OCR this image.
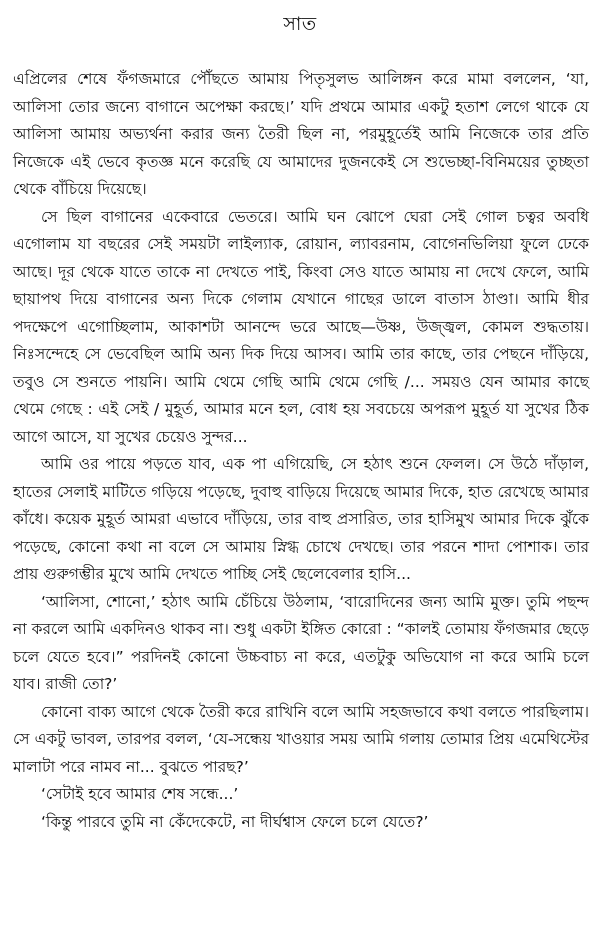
সাত

এপ্রিলের শেষে ফঁগজমারে পৌঁছতে আমায় পিতৃসুলভ আলিঙ্গন করে মামা বললেন, ‘যা, আলিসা তোর জন্যে বাগানে অপেক্ষা করছে।’ যদি প্রথমে আমার একটু হতাশ লেগে থাকে যে আলিসা আমায় অভ্যর্থনা করার জন্য তৈরী ছিল না, পরমুহূর্তেই আমি নিজেকে তার প্রতি নিজেকে এই ভেবে কৃতজ্ঞ মনে করেছি যে আমাদের দুজনকেই সে শুভেচ্ছা-বিনিময়ের তুচ্ছতা থেকে বাঁচিয়ে দিয়েছে।

সে ছিল বাগানের একেবারে ভেতরে। আমি ঘন ঝোপে ঘেরা সেই গোল চত্বর অবধি এগোলাম যা বছরের সেই সময়টা লাইল্যাক, রোয়ান, ল্যাবরনাম, বোগেনভিলিয়া ফুলে ঢেকে আছে। দূর থেকে যাতে তাকে না দেখতে পাই, কিংবা সেও যাতে আমায় না দেখে ফেলে, আমি ছায়াপথ দিয়ে বাগানের অন্য দিকে গেলাম যেখানে গাছের ডালে বাতাস ঠাণ্ডা। আমি ধীর পদক্ষেপে এগোচ্ছিলাম, আকাশটা আনন্দে ভরে আছে—উষ্ণ, উজ্জ্বল, কোমল শুদ্ধতায়। নিঃসন্দেহে সে ভেবেছিল আমি অন্য দিক দিয়ে আসব। আমি তার কাছে, তার পেছনে দাঁড়িয়ে, তবুও সে শুনতে পায়নি। আমি থেমে গেছি আমি থেমে গেছি /... সময়ও যেন আমার কাছে থেমে গেছে : এই সেই / মুহূর্ত, আমার মনে হল, বোধ হয় সবচেয়ে অপরূপ মুহূর্ত যা সুখের ঠিক আগে আসে, যা সুখের চেয়েও সুন্দর...

আমি ওর পায়ে পড়তে যাব, এক পা এগিয়েছি, সে হঠাৎ শুনে ফেলল। সে উঠে দাঁড়াল, হাতের সেলাই মাটিতে গড়িয়ে পড়েছে, দুবাহু বাড়িয়ে দিয়েছে আমার দিকে, হাত রেখেছে আমার কাঁধে। কয়েক মুহূর্ত আমরা এভাবে দাঁড়িয়ে, তার বাহু প্রসারিত, তার হাসিমুখ আমার দিকে ঝুঁকে পড়েছে, কোনো কথা না বলে সে আমায় স্নিগ্ধ চোখে দেখছে। তার পরনে শাদা পোশাক। তার প্রায় গুরুগম্ভীর মুখে আমি দেখতে পাচ্ছি সেই ছেলেবেলার হাসি...

‘আলিসা, শোনো,’ হঠাৎ আমি চেঁচিয়ে উঠলাম, ‘বারোদিনের জন্য আমি মুক্ত। তুমি পছন্দ না করলে আমি একদিনও থাকব না। শুধু একটা ইঙ্গিত কোরো : “কালই তোমায় ফঁগজমার ছেড়ে চলে যেতে হবে।” পরদিনই কোনো উচ্চবাচ্য না করে, এতটুকু অভিযোগ না করে আমি চলে যাব। রাজী তো?’

কোনো বাক্য আগে থেকে তৈরী করে রাখিনি বলে আমি সহজভাবে কথা বলতে পারছিলাম। সে একটু ভাবল, তারপর বলল, ‘যে-সন্ধেয় খাওয়ার সময় আমি গলায় তোমার প্রিয় এমেথিস্টের মালাটা পরে নামব না... বুঝতে পারছ?’

‘সেটাই হবে আমার শেষ সন্ধে...’

‘কিন্তু পারবে তুমি না কেঁদেকেটে, না দীর্ঘশ্বাস ফেলে চলে যেতে?’
